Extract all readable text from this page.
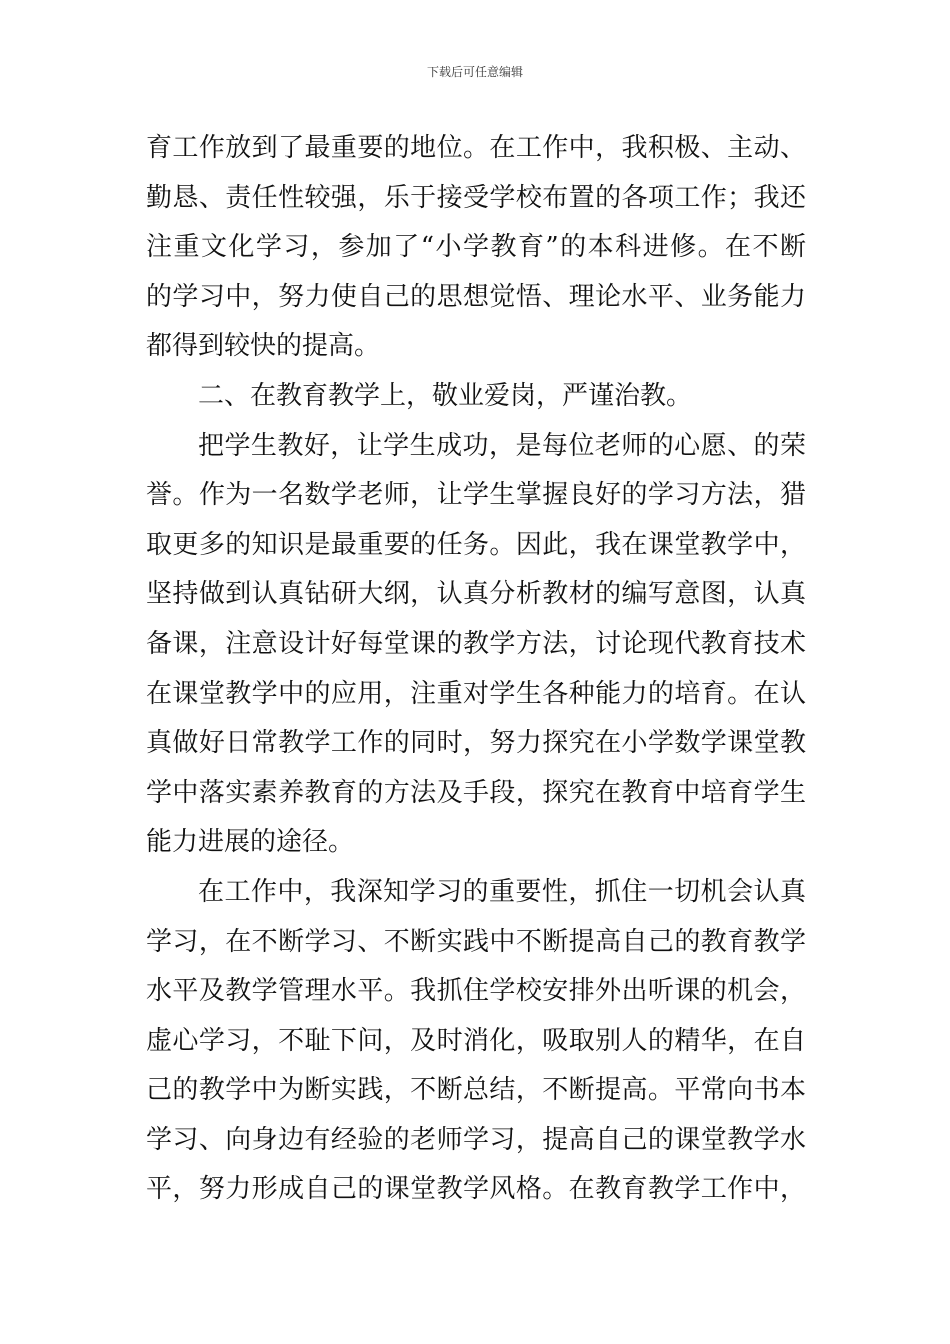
下载后可任意编辑
育工作放到了最重要的地位。在工作中，我积极、主动、
勤恳、责任性较强，乐于接受学校布置的各项工作；我还
注重文化学习，参加了“小学教育”的本科进修。在不断
的学习中，努力使自己的思想觉悟、理论水平、业务能力
都得到较快的提高。
二、在教育教学上，敬业爱岗，严谨治教。
把学生教好，让学生成功，是每位老师的心愿、的荣
誉。作为一名数学老师，让学生掌握良好的学习方法，猎
取更多的知识是最重要的任务。因此，我在课堂教学中，
坚持做到认真钻研大纲，认真分析教材的编写意图，认真
备课，注意设计好每堂课的教学方法，讨论现代教育技术
在课堂教学中的应用，注重对学生各种能力的培育。在认
真做好日常教学工作的同时，努力探究在小学数学课堂教
学中落实素养教育的方法及手段，探究在教育中培育学生
能力进展的途径。
在工作中，我深知学习的重要性，抓住一切机会认真
学习，在不断学习、不断实践中不断提高自己的教育教学
水平及教学管理水平。我抓住学校安排外出听课的机会，
虚心学习，不耻下问，及时消化，吸取别人的精华，在自
己的教学中为断实践，不断总结，不断提高。平常向书本
学习、向身边有经验的老师学习，提高自己的课堂教学水
平，努力形成自己的课堂教学风格。在教育教学工作中，
